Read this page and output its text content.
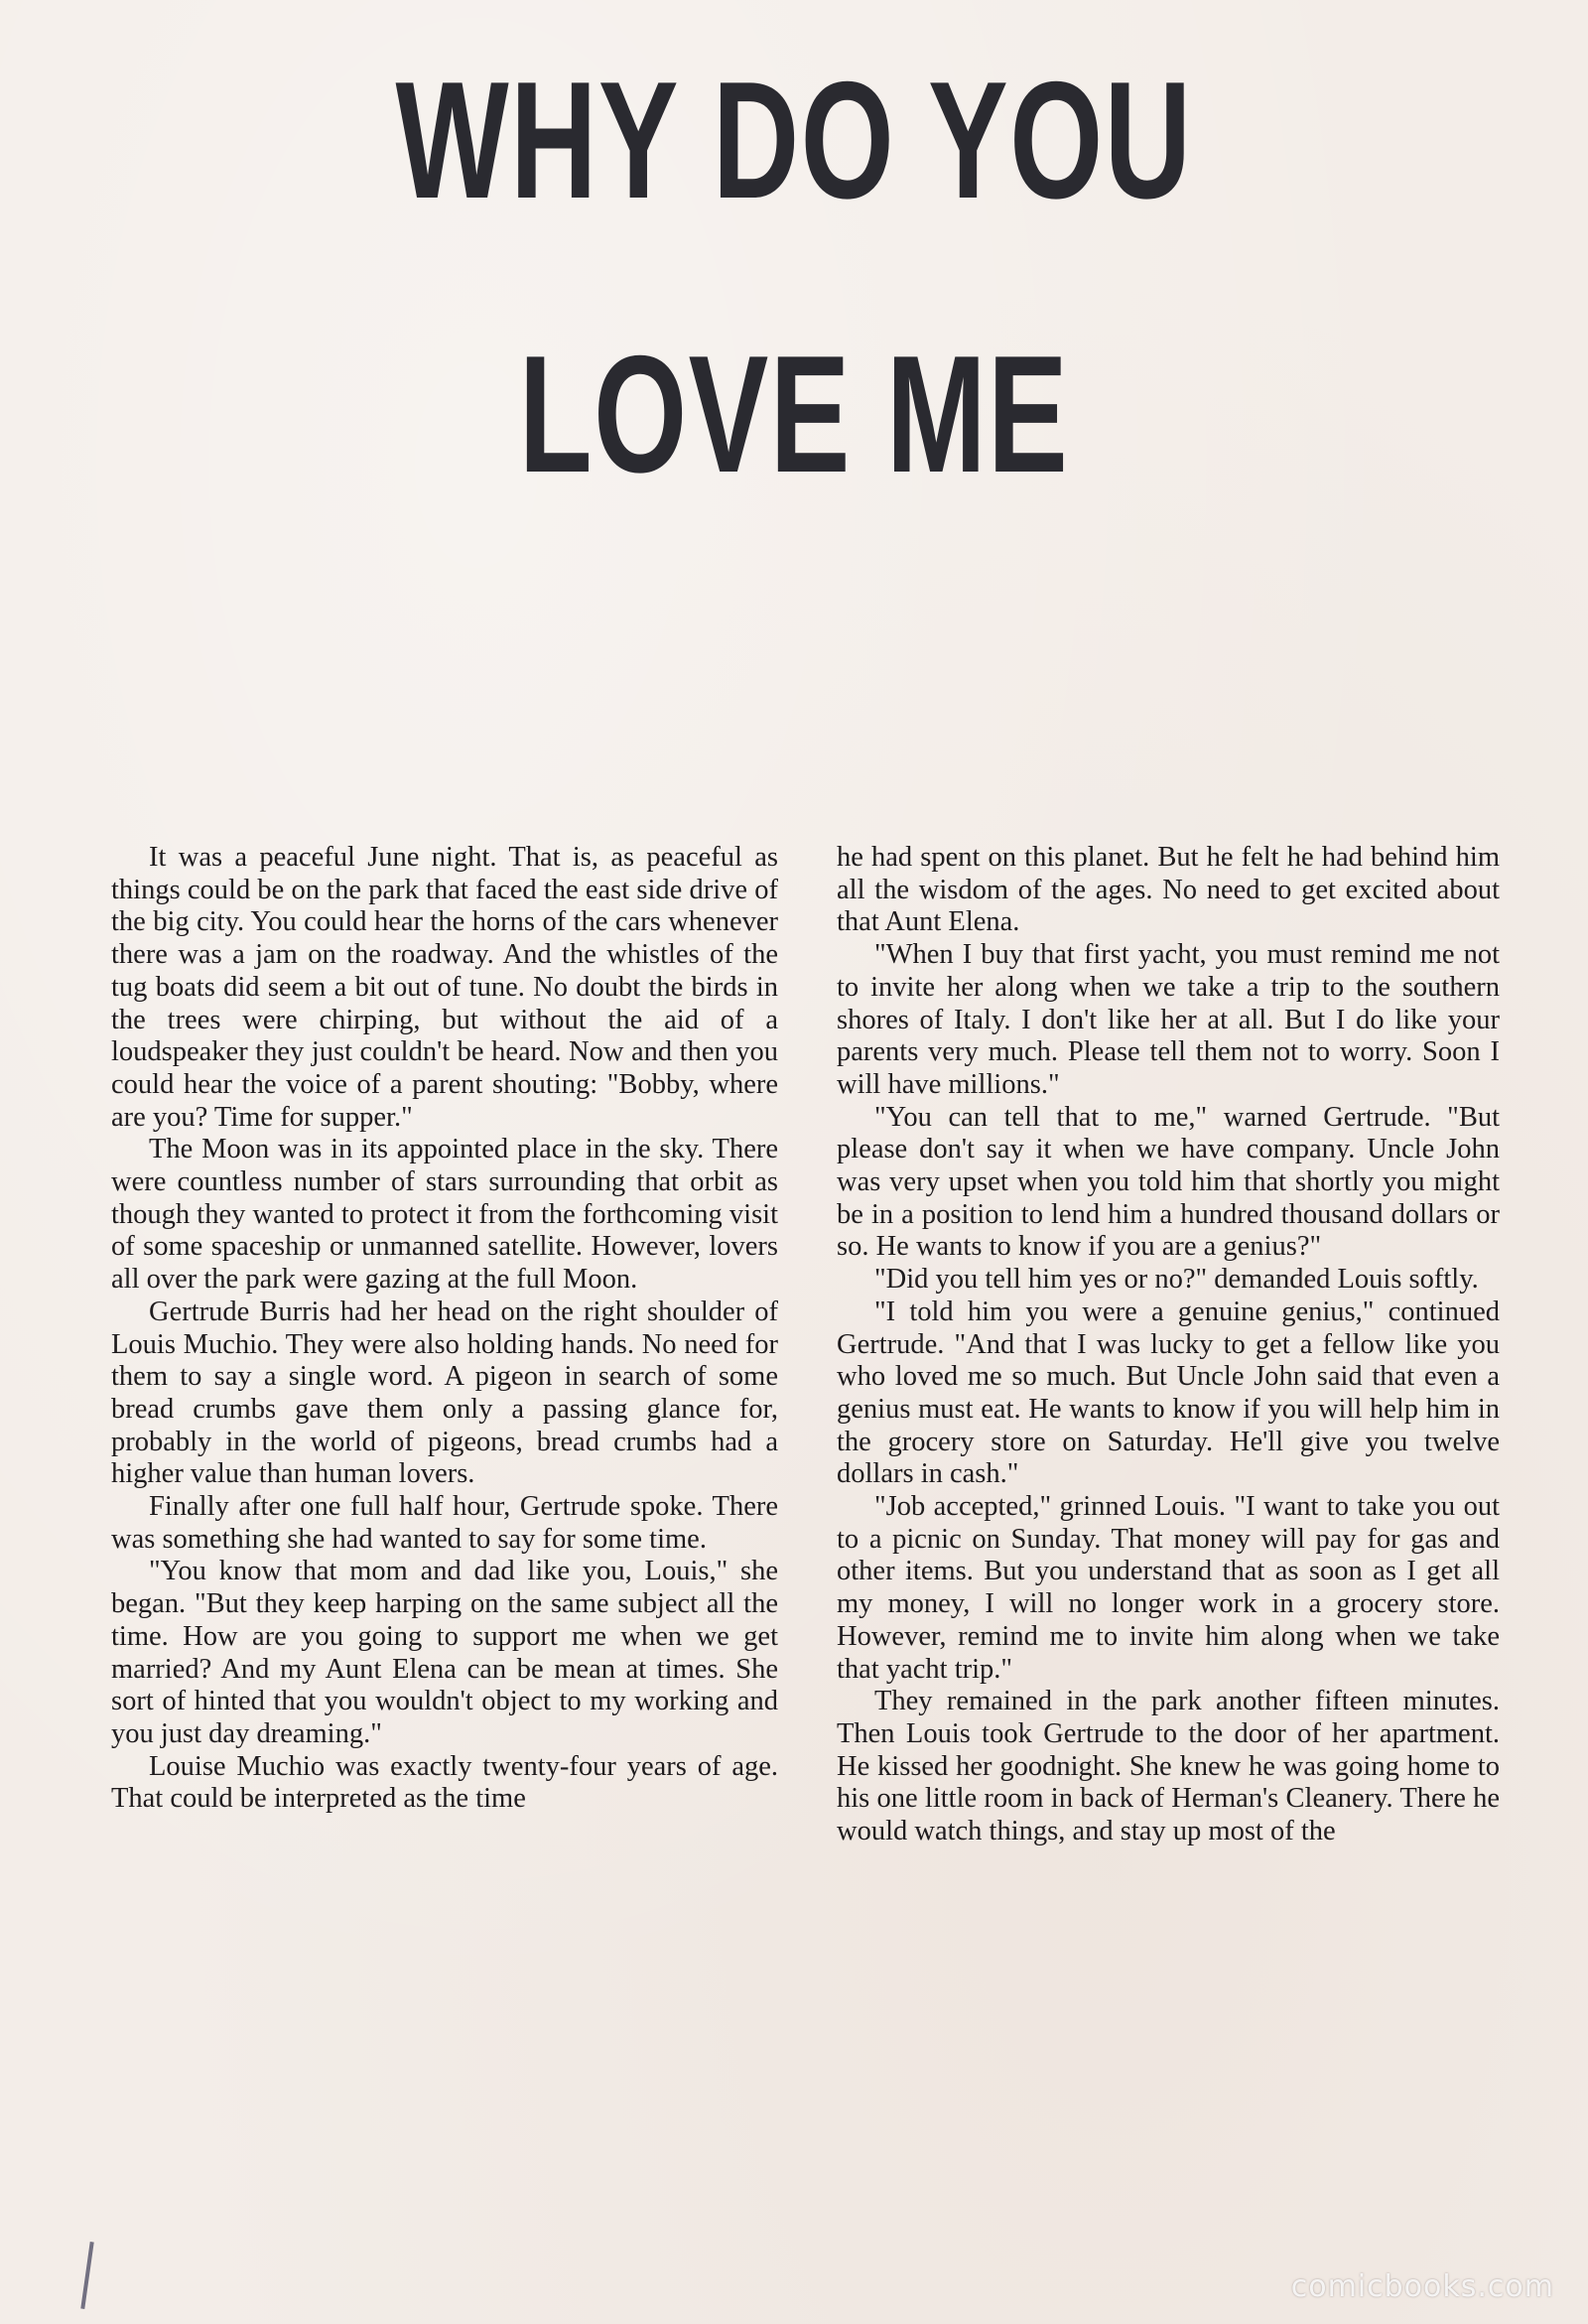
WHY DO YOU
LOVE ME

It was a peaceful June night. That is, as peaceful as things could be on the park that faced the east side drive of the big city. You could hear the horns of the cars whenever there was a jam on the roadway. And the whistles of the tug boats did seem a bit out of tune. No doubt the birds in the trees were chirping, but without the aid of a loudspeaker they just couldn't be heard. Now and then you could hear the voice of a parent shouting: "Bobby, where are you? Time for supper."

The Moon was in its appointed place in the sky. There were countless number of stars surrounding that orbit as though they wanted to protect it from the forthcoming visit of some spaceship or unmanned satellite. However, lovers all over the park were gazing at the full Moon.

Gertrude Burris had her head on the right shoulder of Louis Muchio. They were also holding hands. No need for them to say a single word. A pigeon in search of some bread crumbs gave them only a passing glance for, probably in the world of pigeons, bread crumbs had a higher value than human lovers.

Finally after one full half hour, Gertrude spoke. There was something she had wanted to say for some time.

"You know that mom and dad like you, Louis," she began. "But they keep harping on the same subject all the time. How are you going to support me when we get married? And my Aunt Elena can be mean at times. She sort of hinted that you wouldn't object to my working and you just day dreaming."

Louise Muchio was exactly twenty-four years of age. That could be interpreted as the time

he had spent on this planet. But he felt he had behind him all the wisdom of the ages. No need to get excited about that Aunt Elena.

"When I buy that first yacht, you must remind me not to invite her along when we take a trip to the southern shores of Italy. I don't like her at all. But I do like your parents very much. Please tell them not to worry. Soon I will have millions."

"You can tell that to me," warned Gertrude. "But please don't say it when we have company. Uncle John was very upset when you told him that shortly you might be in a position to lend him a hundred thousand dollars or so. He wants to know if you are a genius?"

"Did you tell him yes or no?" demanded Louis softly.

"I told him you were a genuine genius," continued Gertrude. "And that I was lucky to get a fellow like you who loved me so much. But Uncle John said that even a genius must eat. He wants to know if you will help him in the grocery store on Saturday. He'll give you twelve dollars in cash."

"Job accepted," grinned Louis. "I want to take you out to a picnic on Sunday. That money will pay for gas and other items. But you understand that as soon as I get all my money, I will no longer work in a grocery store. However, remind me to invite him along when we take that yacht trip."

They remained in the park another fifteen minutes. Then Louis took Gertrude to the door of her apartment. He kissed her goodnight. She knew he was going home to his one little room in back of Herman's Cleanery. There he would watch things, and stay up most of the

comicbooks.com
